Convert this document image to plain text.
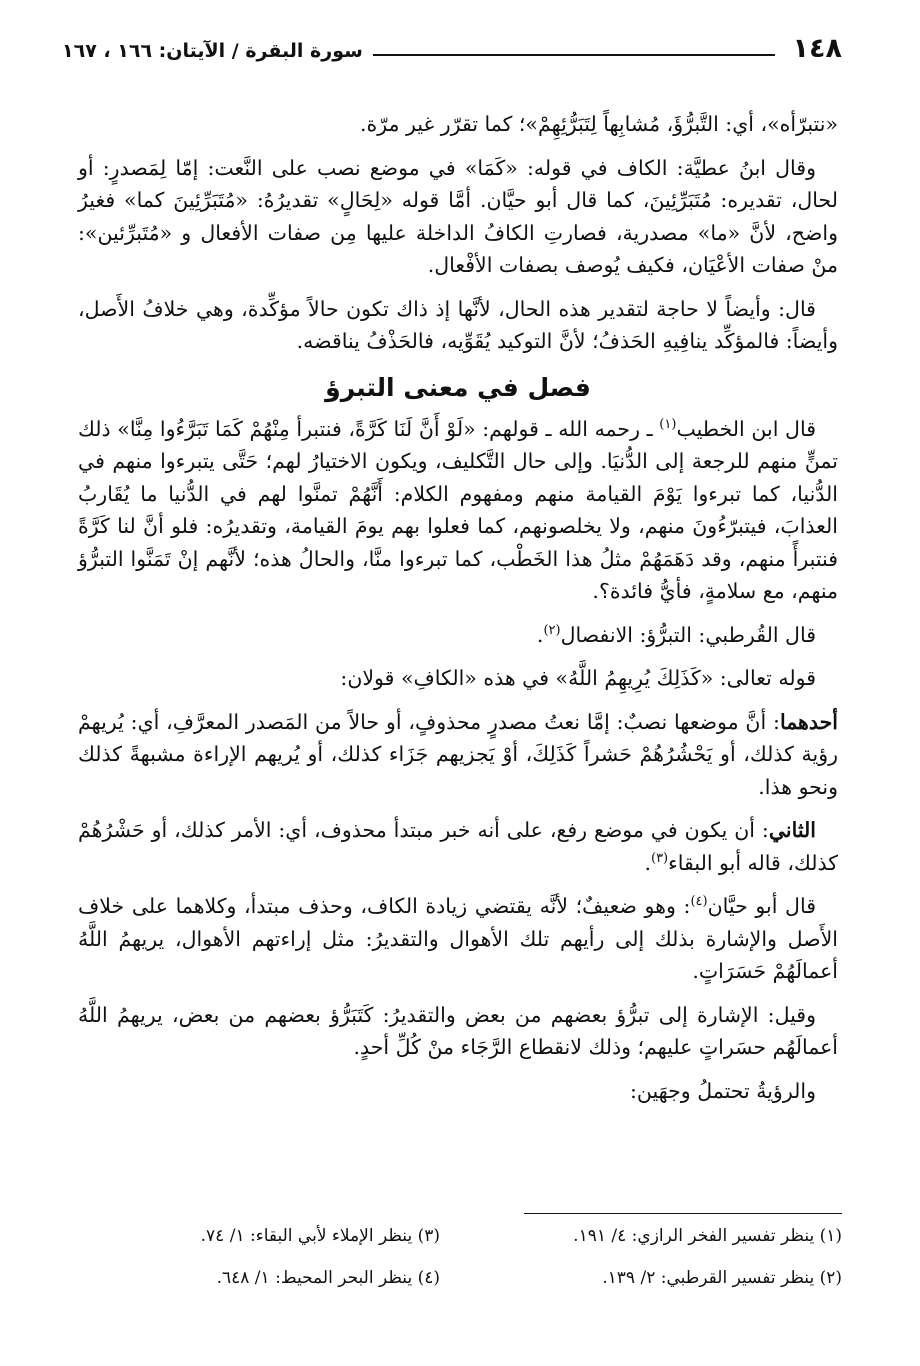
١٤٨
سورة البقرة / الآيتان: ١٦٦ ، ١٦٧

«نتبرّأه»، أي: التَّبرُّؤَ، مُشابِهاً لِتَبَرُّئِهِمْ»؛ كما تقرّر غير مرّة.

وقال ابنُ عطيَّة: الكاف في قوله: «كَمَا» في موضع نصب على النَّعت: إمّا لِمَصدرٍ: أو لحال، تقديره: مُتَبَرِّئِينَ، كما قال أبو حيَّان. أمَّا قوله «لِحَالٍ» تقديرُهُ: «مُتَبَرِّئِينَ كما» فغيرُ واضح، لأنَّ «ما» مصدرية، فصارتِ الكافُ الداخلة عليها مِن صفات الأفعال و «مُتَبرِّئين»: منْ صفات الأعْيَان، فكيف يُوصف بصفات الأفْعال.

قال: وأيضاً لا حاجة لتقدير هذه الحال، لأنَّها إذ ذاك تكون حالاً مؤكِّدة، وهي خلافُ الأَصل، وأيضاً: فالمؤكِّد ينافِيهِ الحَذفُ؛ لأنَّ التوكيد يُقَوِّيه، فالحَذْفُ يناقضه.

فصل في معنى التبرؤ

قال ابن الخطيب$^{(١)}$ ـ رحمه الله ـ قولهم: «لَوْ أَنَّ لَنَا كَرَّةً، فنتبرأ مِنْهُمْ كَمَا تَبَرَّءُوا مِنَّا» ذلك تمنٍّ منهم للرجعة إلى الدُّنيَا. وإلى حال التَّكليف، ويكون الاختيارُ لهم؛ حَتَّى يتبرءوا منهم في الدُّنيا، كما تبرءوا يَوْمَ القيامة منهم ومفهوم الكلام: أَنَّهُمْ تمنَّوا لهم في الدُّنيا ما يُقَاربُ العذابَ، فيتبرّءُونَ منهم، ولا يخلصونهم، كما فعلوا بهم يومَ القيامة، وتقديرُه: فلو أنَّ لنا كَرَّةً فنتبرأً منهم، وقد دَهَمَهُمْ مثلُ هذا الخَطْب، كما تبرءوا منَّا، والحالُ هذه؛ لأنَّهم إنْ تَمَنَّوا التبرُّؤ منهم، مع سلامةٍ، فأيُّ فائدة؟.

قال القُرطبي: التبرُّؤ: الانفصال$^{(٢)}$.

قوله تعالى: «كَذَلِكَ يُرِيهِمُ اللَّهُ» في هذه «الكافِ» قولان:

أحدهما: أنَّ موضعها نصبٌ: إمَّا نعتُ مصدرٍ محذوفٍ، أو حالاً من المَصدر المعرَّفِ، أي: يُريهمْ رؤية كذلك، أو يَحْشُرُهُمْ حَشراً كَذَلِكَ، أوْ يَجزيهم جَزَاء كذلك، أو يُريهم الإراءة مشبهةً كذلك ونحو هذا.

الثاني: أن يكون في موضع رفع، على أنه خبر مبتدأ محذوف، أي: الأمر كذلك، أو حَشْرُهُمْ كذلك، قاله أبو البقاء$^{(٣)}$.

قال أبو حيَّان$^{(٤)}$: وهو ضعيفٌ؛ لأنَّه يقتضي زيادة الكاف، وحذف مبتدأ، وكلاهما على خلاف الأَصل والإشارة بذلك إلى رأيهم تلك الأهوال والتقديرُ: مثل إراءتهم الأهوال، يريهمُ اللَّهُ أعمالَهُمْ حَسَرَاتٍ.

وقيل: الإشارة إلى تبرُّؤ بعضهم من بعض والتقديرُ: كَتَبَرُّؤ بعضهم من بعض، يريهمُ اللَّهُ أعمالَهُم حسَراتٍ عليهم؛ وذلك لانقطاع الرَّجَاء منْ كُلِّ أحدٍ.

والرؤيةُ تحتملُ وجهَين:

(١) ينظر تفسير الفخر الرازي: ٤/ ١٩١.
(٣) ينظر الإملاء لأبي البقاء: ١/ ٧٤.
(٢) ينظر تفسير القرطبي: ٢/ ١٣٩.
(٤) ينظر البحر المحيط: ١/ ٦٤٨.
